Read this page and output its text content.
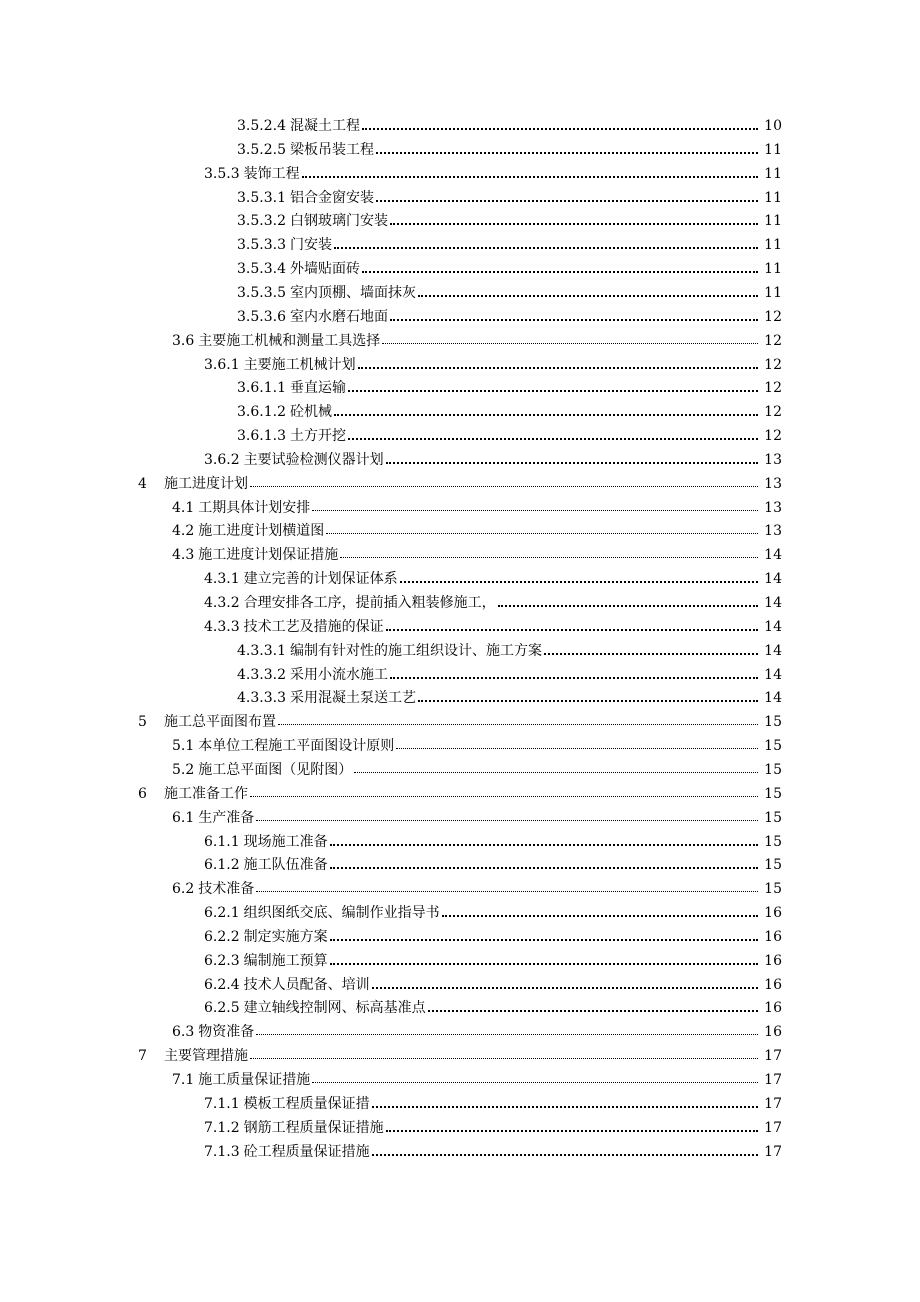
3.5.2.4 混凝土工程	10
3.5.2.5 梁板吊装工程	11
3.5.3 装饰工程	11
3.5.3.1 铝合金窗安装	11
3.5.3.2 白钢玻璃门安装	11
3.5.3.3 门安装	11
3.5.3.4 外墙贴面砖	11
3.5.3.5 室内顶棚、墙面抹灰	11
3.5.3.6 室内水磨石地面	12
3.6 主要施工机械和测量工具选择	12
3.6.1 主要施工机械计划	12
3.6.1.1 垂直运输	12
3.6.1.2 砼机械	12
3.6.1.3 土方开挖	12
3.6.2 主要试验检测仪器计划	13
4 施工进度计划	13
4.1 工期具体计划安排	13
4.2 施工进度计划横道图	13
4.3 施工进度计划保证措施	14
4.3.1 建立完善的计划保证体系	14
4.3.2 合理安排各工序，提前插入粗装修施工，	14
4.3.3 技术工艺及措施的保证	14
4.3.3.1 编制有针对性的施工组织设计、施工方案	14
4.3.3.2 采用小流水施工	14
4.3.3.3 采用混凝土泵送工艺	14
5 施工总平面图布置	15
5.1 本单位工程施工平面图设计原则	15
5.2 施工总平面图（见附图）	15
6 施工准备工作	15
6.1 生产准备	15
6.1.1 现场施工准备	15
6.1.2 施工队伍准备	15
6.2 技术准备	15
6.2.1 组织图纸交底、编制作业指导书	16
6.2.2 制定实施方案	16
6.2.3 编制施工预算	16
6.2.4 技术人员配备、培训	16
6.2.5 建立轴线控制网、标高基准点	16
6.3 物资准备	16
7 主要管理措施	17
7.1 施工质量保证措施	17
7.1.1 模板工程质量保证措	17
7.1.2 钢筋工程质量保证措施	17
7.1.3 砼工程质量保证措施	17
